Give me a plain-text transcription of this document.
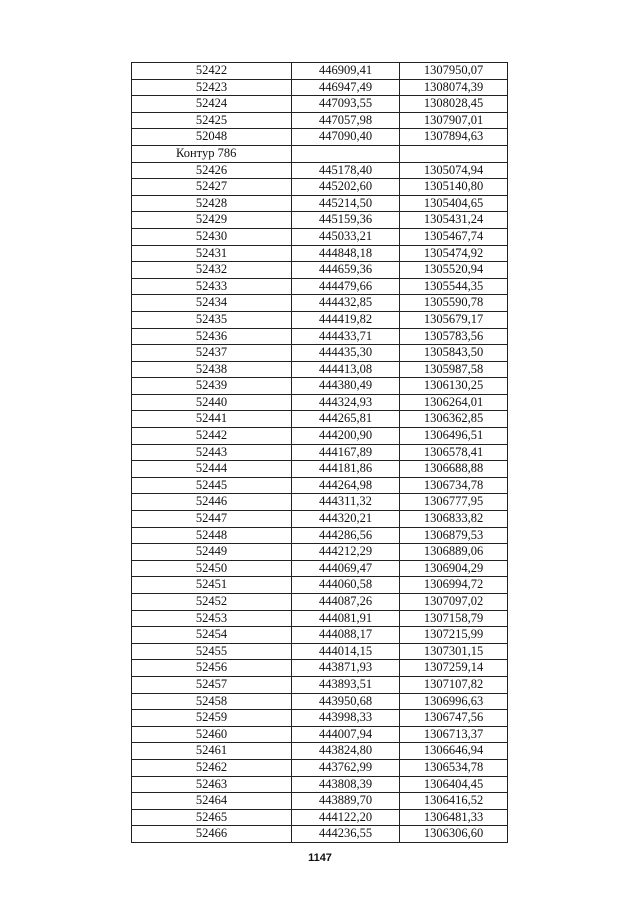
52422	446909,41	1307950,07
52423	446947,49	1308074,39
52424	447093,55	1308028,45
52425	447057,98	1307907,01
52048	447090,40	1307894,63
Контур 786		
52426	445178,40	1305074,94
52427	445202,60	1305140,80
52428	445214,50	1305404,65
52429	445159,36	1305431,24
52430	445033,21	1305467,74
52431	444848,18	1305474,92
52432	444659,36	1305520,94
52433	444479,66	1305544,35
52434	444432,85	1305590,78
52435	444419,82	1305679,17
52436	444433,71	1305783,56
52437	444435,30	1305843,50
52438	444413,08	1305987,58
52439	444380,49	1306130,25
52440	444324,93	1306264,01
52441	444265,81	1306362,85
52442	444200,90	1306496,51
52443	444167,89	1306578,41
52444	444181,86	1306688,88
52445	444264,98	1306734,78
52446	444311,32	1306777,95
52447	444320,21	1306833,82
52448	444286,56	1306879,53
52449	444212,29	1306889,06
52450	444069,47	1306904,29
52451	444060,58	1306994,72
52452	444087,26	1307097,02
52453	444081,91	1307158,79
52454	444088,17	1307215,99
52455	444014,15	1307301,15
52456	443871,93	1307259,14
52457	443893,51	1307107,82
52458	443950,68	1306996,63
52459	443998,33	1306747,56
52460	444007,94	1306713,37
52461	443824,80	1306646,94
52462	443762,99	1306534,78
52463	443808,39	1306404,45
52464	443889,70	1306416,52
52465	444122,20	1306481,33
52466	444236,55	1306306,60
1147
